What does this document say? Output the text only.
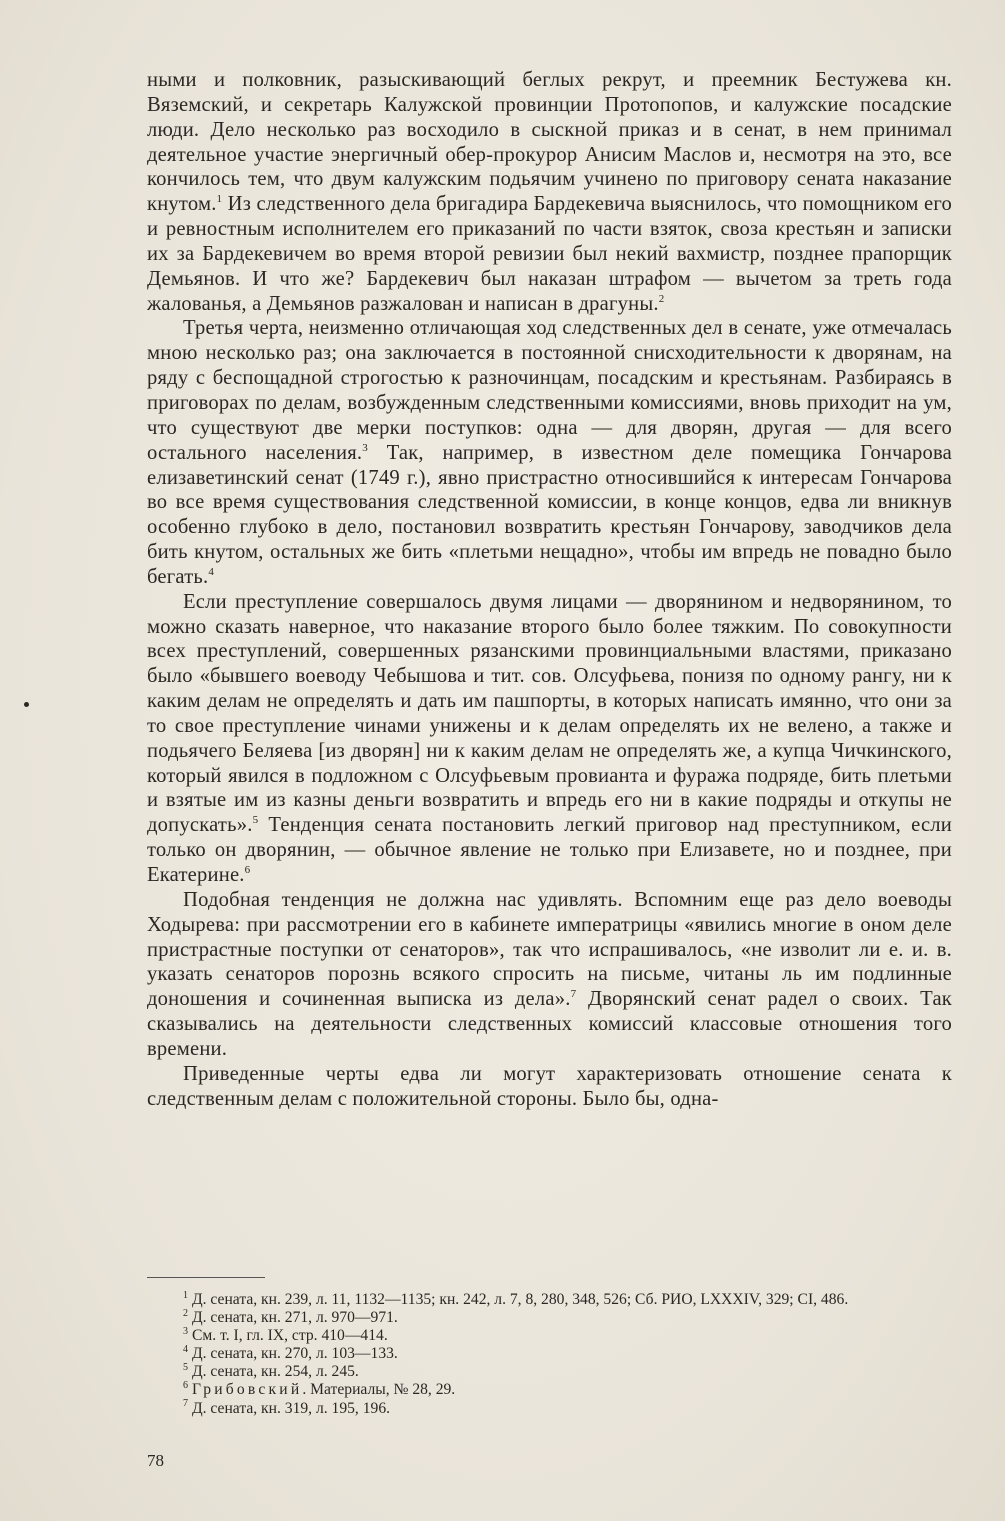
ными и полковник, разыскивающий беглых рекрут, и преемник Бестужева кн. Вяземский, и секретарь Калужской провинции Протопопов, и калужские посадские люди. Дело несколько раз восходило в сыскной приказ и в сенат, в нем принимал деятельное участие энергичный обер-прокурор Анисим Маслов и, несмотря на это, все кончилось тем, что двум калужским подьячим учинено по приговору сената наказание кнутом.$^1$ Из следственного дела бригадира Бардекевича выяснилось, что помощником его и ревностным исполнителем его приказаний по части взяток, свозa крестьян и записки их за Бардекевичем во время второй ревизии был некий вахмистр, позднее прапорщик Демьянов. И что же? Бардекевич был наказан штрафом — вычетом за треть года жалованья, а Демьянов разжалован и написан в драгуны.$^2$

Третья черта, неизменно отличающая ход следственных дел в сенате, уже отмечалась мною несколько раз; она заключается в постоянной снисходительности к дворянам, на ряду с беспощадной строгостью к разночинцам, посадским и крестьянам. Разбираясь в приговорах по делам, возбужденным следственными комиссиями, вновь приходит на ум, что существуют две мерки поступков: одна — для дворян, другая — для всего остального населения.$^3$ Так, например, в известном деле помещика Гончарова елизаветинский сенат (1749 г.), явно пристрастно относившийся к интересам Гончарова во все время существования следственной комиссии, в конце концов, едва ли вникнув особенно глубоко в дело, постановил возвратить крестьян Гончарову, заводчиков дела бить кнутом, остальных же бить «плетьми нещадно», чтобы им впредь не повадно было бегать.$^4$

Если преступление совершалось двумя лицами — дворянином и недворянином, то можно сказать наверное, что наказание второго было более тяжким. По совокупности всех преступлений, совершенных рязанскими провинциальными властями, приказано было «бывшего воеводу Чебышова и тит. сов. Олсуфьева, понизя по одному рангу, ни к каким делам не определять и дать им пашпорты, в которых написать имянно, что они за то свое преступление чинами унижены и к делам определять их не велено, а также и подьячего Беляева [из дворян] ни к каким делам не определять же, а купца Чичкинского, который явился в подложном с Олсуфьевым провианта и фуража подряде, бить плетьми и взятые им из казны деньги возвратить и впредь его ни в какие подряды и откупы не допускать».$^5$ Тенденция сената постановить легкий приговор над преступником, если только он дворянин, — обычное явление не только при Елизавете, но и позднее, при Екатерине.$^6$

Подобная тенденция не должна нас удивлять. Вспомним еще раз дело воеводы Ходырева: при рассмотрении его в кабинете императрицы «явились многие в оном деле пристрастные поступки от сенаторов», так что испрашивалось, «не изволит ли е. и. в. указать сенаторов порознь всякого спросить на письме, читаны ль им подлинные доношения и сочиненная выписка из дела».$^7$ Дворянский сенат радел о своих. Так сказывались на деятельности следственных комиссий классовые отношения того времени.

Приведенные черты едва ли могут характеризовать отношение сената к следственным делам с положительной стороны. Было бы, одна-

$^1$ Д. сената, кн. 239, л. 11, 1132—1135; кн. 242, л. 7, 8, 280, 348, 526; Сб. РИО, LXXXIV, 329; CI, 486.

$^2$ Д. сената, кн. 271, л. 970—971.

$^3$ См. т. I, гл. IX, стр. 410—414.

$^4$ Д. сената, кн. 270, л. 103—133.

$^5$ Д. сената, кн. 254, л. 245.

$^6$ Грибовский. Материалы, № 28, 29.

$^7$ Д. сената, кн. 319, л. 195, 196.

78
